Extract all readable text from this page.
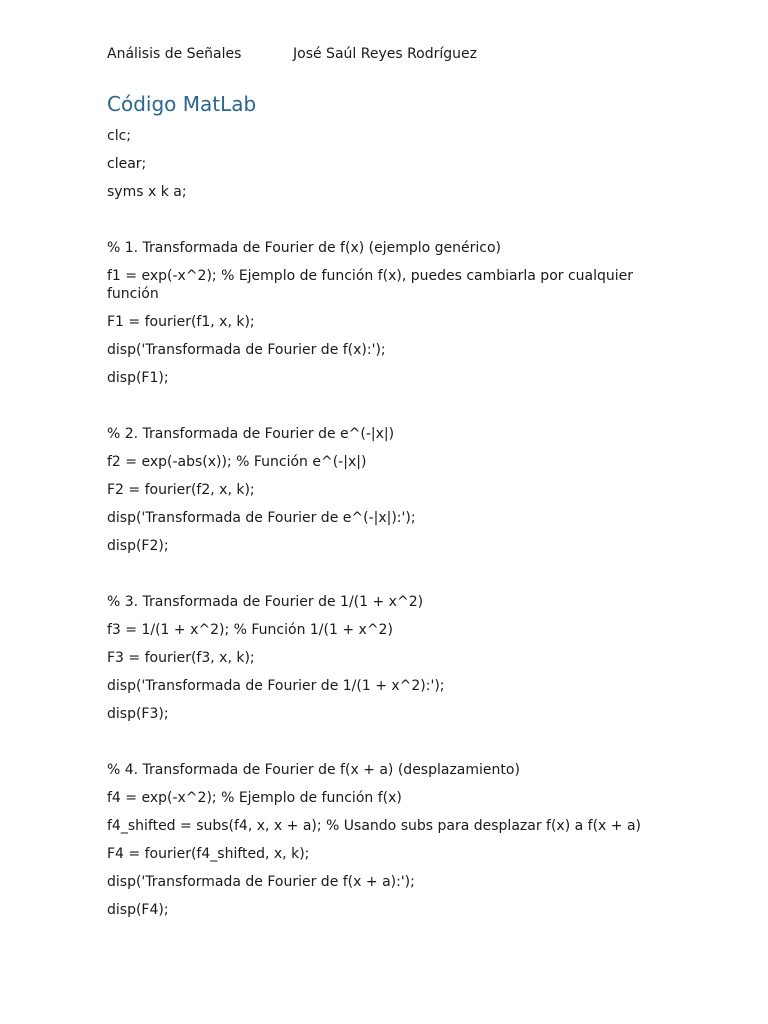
Análisis de Señales	José Saúl Reyes Rodríguez
Código MatLab

clc;

clear;

syms x k a;

% 1. Transformada de Fourier de f(x) (ejemplo genérico)

f1 = exp(-x^2); % Ejemplo de función f(x), puedes cambiarla por cualquier función

F1 = fourier(f1, x, k);

disp('Transformada de Fourier de f(x):');

disp(F1);

% 2. Transformada de Fourier de e^(-|x|)

f2 = exp(-abs(x)); % Función e^(-|x|)

F2 = fourier(f2, x, k);

disp('Transformada de Fourier de e^(-|x|):');

disp(F2);

% 3. Transformada de Fourier de 1/(1 + x^2)

f3 = 1/(1 + x^2); % Función 1/(1 + x^2)

F3 = fourier(f3, x, k);

disp('Transformada de Fourier de 1/(1 + x^2):');

disp(F3);

% 4. Transformada de Fourier de f(x + a) (desplazamiento)

f4 = exp(-x^2); % Ejemplo de función f(x)

f4_shifted = subs(f4, x, x + a); % Usando subs para desplazar f(x) a f(x + a)

F4 = fourier(f4_shifted, x, k);

disp('Transformada de Fourier de f(x + a):');

disp(F4);
